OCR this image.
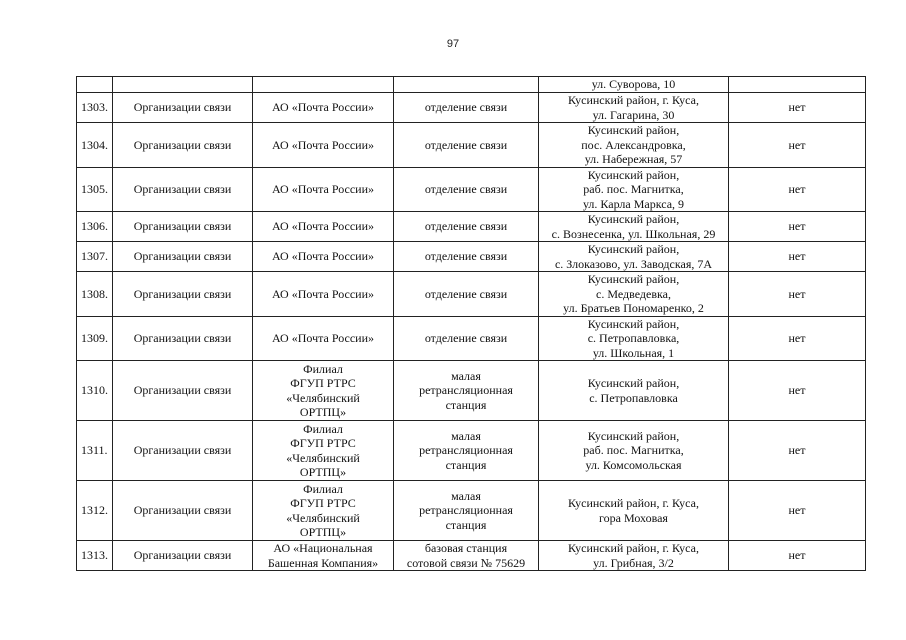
97
				ул. Суворова, 10	
1303.	Организации связи	АО «Почта России»	отделение связи	Кусинский район, г. Куса,
ул. Гагарина, 30	нет
1304.	Организации связи	АО «Почта России»	отделение связи	Кусинский район,
пос. Александровка,
ул. Набережная, 57	нет
1305.	Организации связи	АО «Почта России»	отделение связи	Кусинский район,
раб. пос. Магнитка,
ул. Карла Маркса, 9	нет
1306.	Организации связи	АО «Почта России»	отделение связи	Кусинский район,
с. Вознесенка, ул. Школьная, 29	нет
1307.	Организации связи	АО «Почта России»	отделение связи	Кусинский район,
с. Злоказово, ул. Заводская, 7А	нет
1308.	Организации связи	АО «Почта России»	отделение связи	Кусинский район,
с. Медведевка,
ул. Братьев Пономаренко, 2	нет
1309.	Организации связи	АО «Почта России»	отделение связи	Кусинский район,
с. Петропавловка,
ул. Школьная, 1	нет
1310.	Организации связи	Филиал
ФГУП РТРС
«Челябинский
ОРТПЦ»	малая
ретрансляционная
станция	Кусинский район,
с. Петропавловка	нет
1311.	Организации связи	Филиал
ФГУП РТРС
«Челябинский
ОРТПЦ»	малая
ретрансляционная
станция	Кусинский район,
раб. пос. Магнитка,
ул. Комсомольская	нет
1312.	Организации связи	Филиал
ФГУП РТРС
«Челябинский
ОРТПЦ»	малая
ретрансляционная
станция	Кусинский район, г. Куса,
гора Моховая	нет
1313.	Организации связи	АО «Национальная
Башенная Компания»	базовая станция
сотовой связи № 75629	Кусинский район, г. Куса,
ул. Грибная, 3/2	нет
